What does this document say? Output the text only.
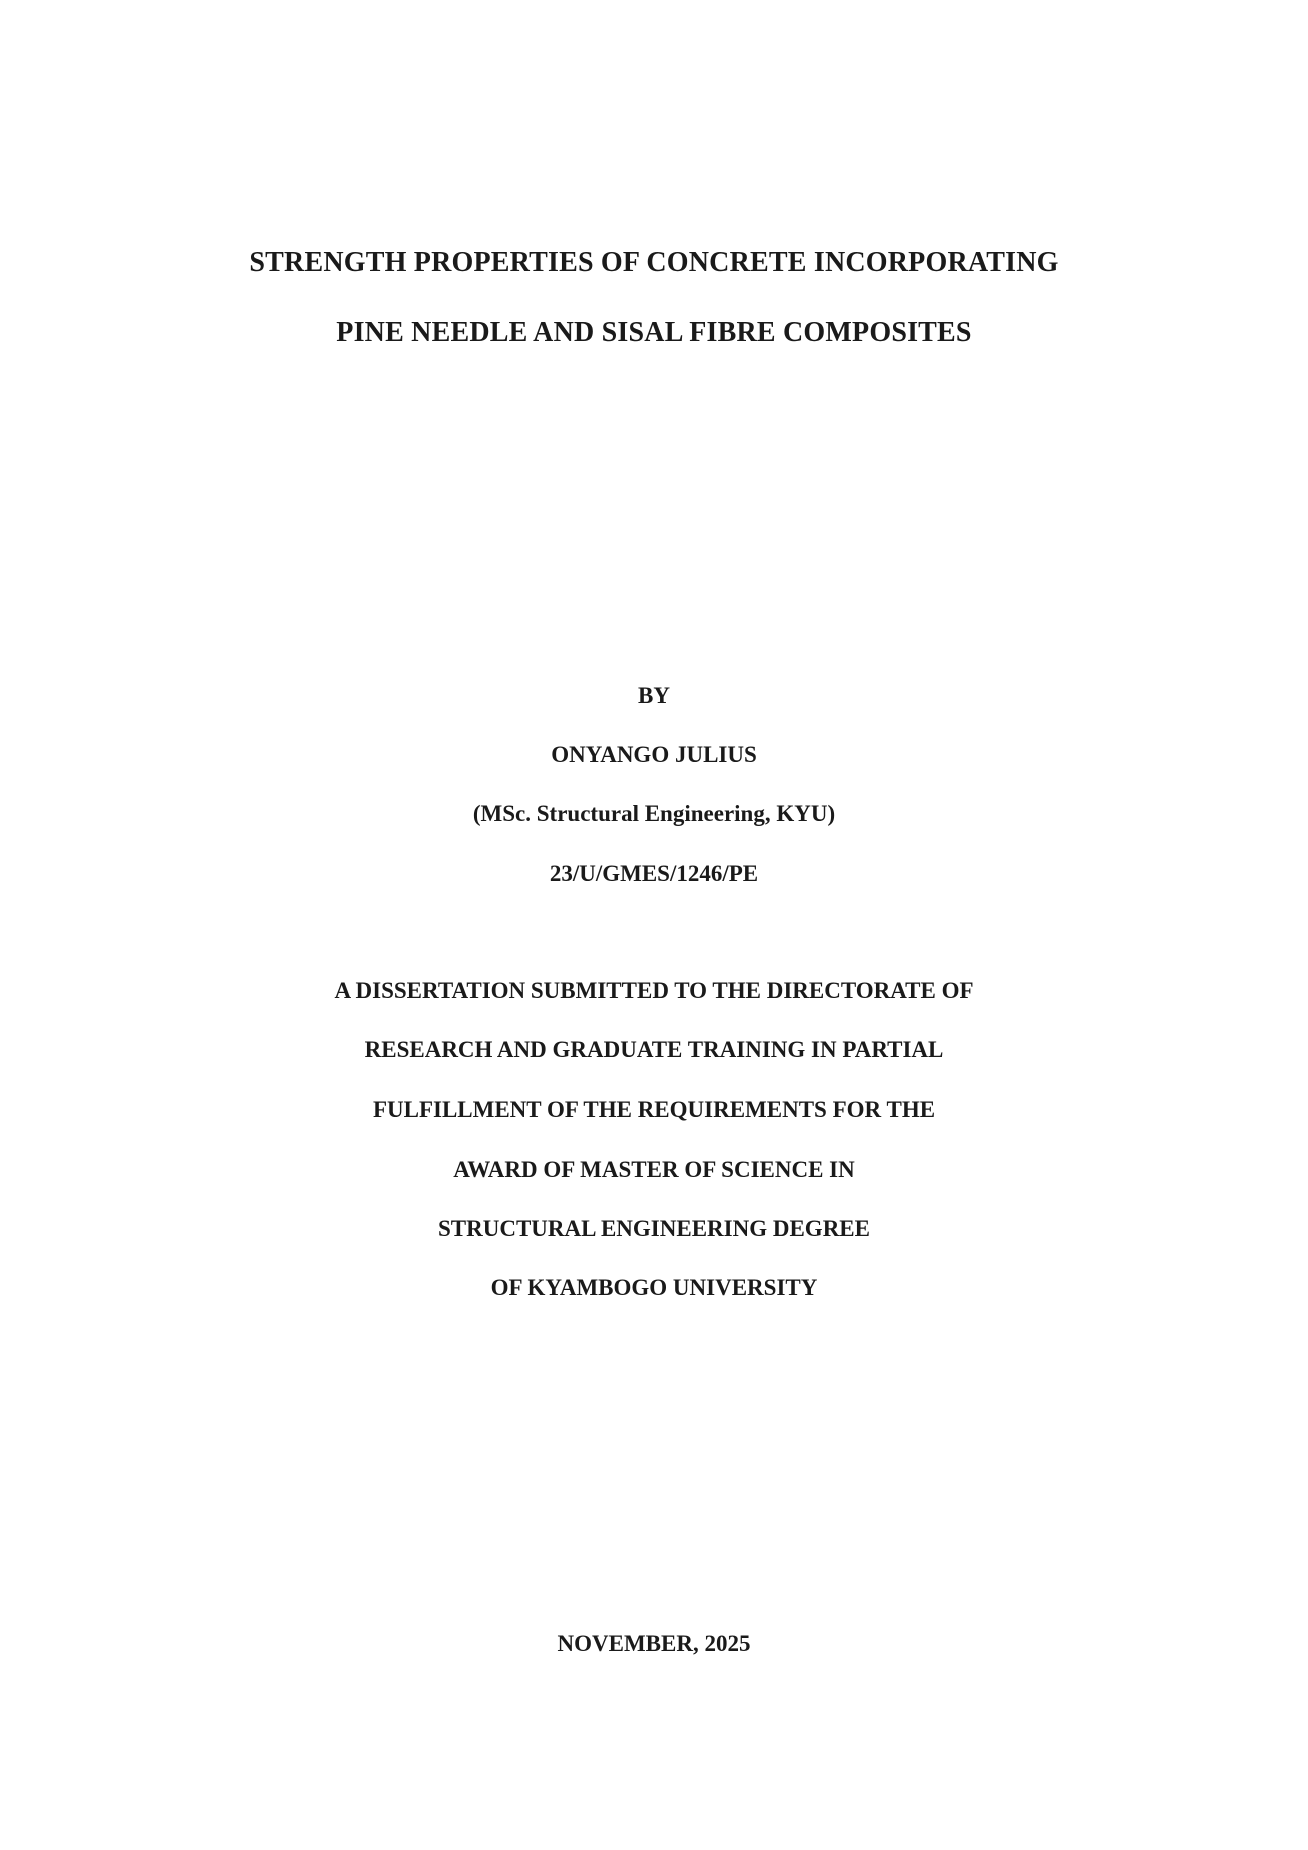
STRENGTH PROPERTIES OF CONCRETE INCORPORATING

PINE NEEDLE AND SISAL FIBRE COMPOSITES

BY

ONYANGO JULIUS

(MSc. Structural Engineering, KYU)

23/U/GMES/1246/PE

A DISSERTATION SUBMITTED TO THE DIRECTORATE OF

RESEARCH AND GRADUATE TRAINING IN PARTIAL

FULFILLMENT OF THE REQUIREMENTS FOR THE

AWARD OF MASTER OF SCIENCE IN

STRUCTURAL ENGINEERING DEGREE

OF KYAMBOGO UNIVERSITY

NOVEMBER, 2025
